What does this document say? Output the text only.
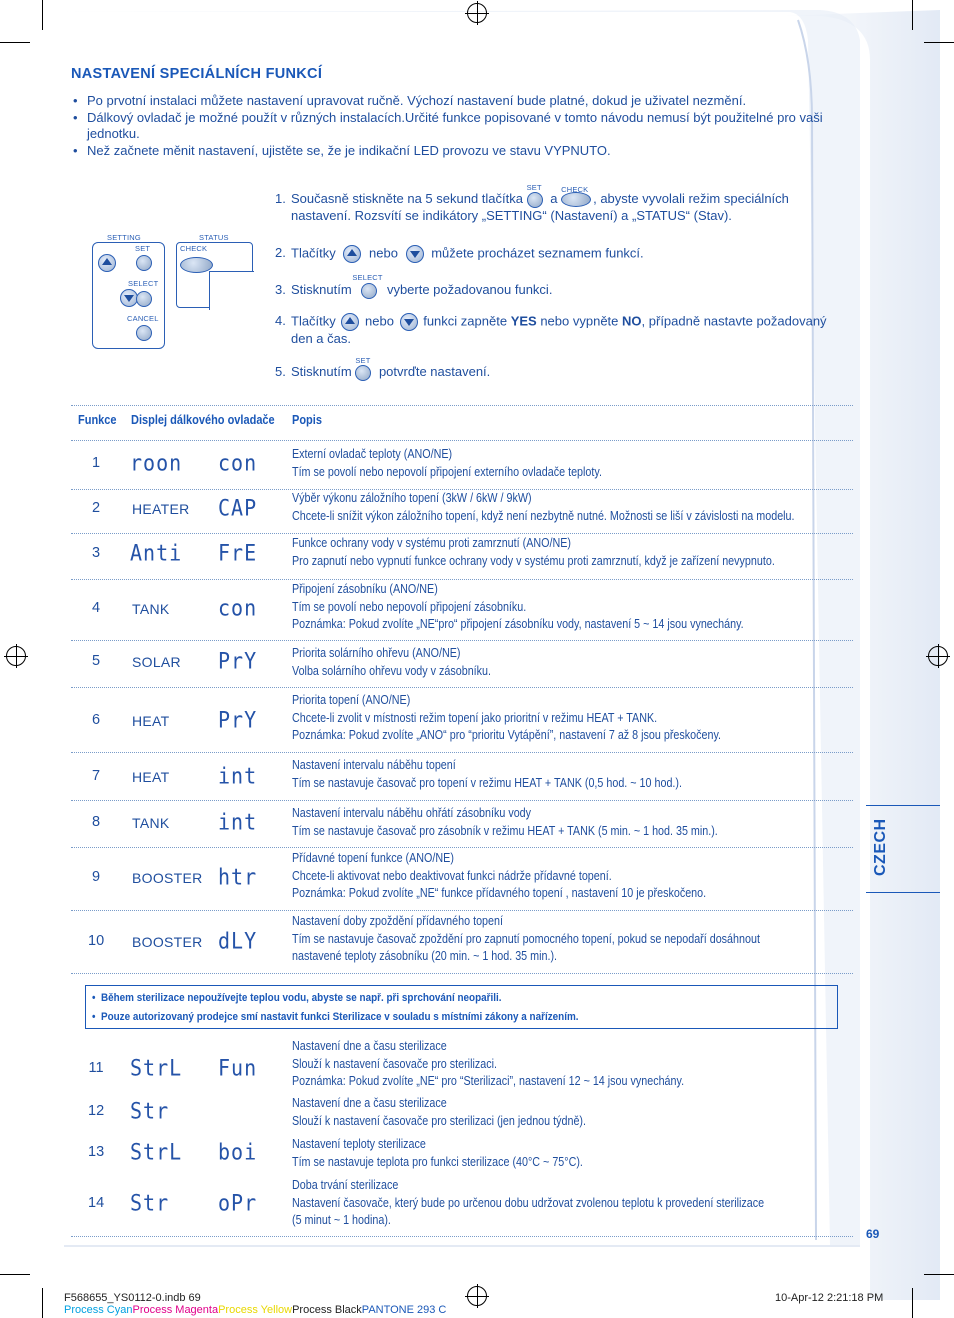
NASTAVENÍ SPECIÁLNÍCH FUNKCÍ
• Po prvotní instalaci můžete nastavení upravovat ručně. Výchozí nastavení bude platné, dokud je uživatel nezmění.
• Dálkový ovladač je možné použít v různých instalacích.Určité funkce popisované v tomto návodu nemusí být použitelné pro vaši jednotku.
• Než začnete měnit nastavení, ujistěte se, že je indikační LED provozu ve stavu VYPNUTO.
SETTING
SET

SELECT
CANCEL
STATUS
CHECK
1. Současně stiskněte na 5 sekund tlačítka
SET
a
CHECK
, abyste vyvolali režim speciálních
nastavení. Rozsvítí se indikátory „SETTING“ (Nastavení) a „STATUS“ (Stav).
2. Tlačítky	nebo	můžete procházet seznamem funkcí.
3. Stisknutím
SELECT
vyberte požadovanou funkci.
4. Tlačítky nebo funkci zapněte YES nebo vypněte NO, případně nastavte požadovaný
den a čas.
5. Stisknutím
SET
potvrďte nastavení.
Funkce Displej dálkového ovladače Popis
1 roon con	Externí ovladač teploty (ANO/NE)
Tím se povolí nebo nepovolí připojení externího ovladače teploty.
2 HEATER CAP	Výběr výkonu záložního topení (3kW / 6kW / 9kW)
Chcete-li snížit výkon záložního topení, když není nezbytně nutné. Možnosti se liší v závislosti na modelu.
3 Anti FrE	Funkce ochrany vody v systému proti zamrznutí (ANO/NE)
Pro zapnutí nebo vypnutí funkce ochrany vody v systému proti zamrznutí, když je zařízení nevypnuto.
4 TANK con
Připojení zásobníku (ANO/NE)
Tím se povolí nebo nepovolí připojení zásobníku.
Poznámka: Pokud zvolíte „NE“pro“ připojení zásobníku vody, nastavení 5 ~ 14 jsou vynechány.
5 SOLAR PrY	Priorita solárního ohřevu (ANO/NE)
Volba solárního ohřevu vody v zásobníku.
6 HEAT PrY
Priorita topení (ANO/NE)
Chcete-li zvolit v místnosti režim topení jako prioritní v režimu HEAT + TANK.
Poznámka: Pokud zvolíte „ANO“ pro “prioritu Vytápění”, nastavení 7 až 8 jsou přeskočeny.
7 HEAT int	Nastavení intervalu náběhu topení
Tím se nastavuje časovač pro topení v režimu HEAT + TANK (0,5 hod. ~ 10 hod.).
8 TANK int	Nastavení intervalu náběhu ohřátí zásobníku vody
Tím se nastavuje časovač pro zásobník v režimu HEAT + TANK (5 min. ~ 1 hod. 35 min.).
9 BOOSTER htr
Přídavné topení funkce (ANO/NE)
Chcete-li aktivovat nebo deaktivovat funkci nádrže přídavné topení.
Poznámka: Pokud zvolíte „NE“ funkce přídavného topení , nastavení 10 je přeskočeno.
10 BOOSTER dLY
Nastavení doby zpoždění přídavného topení
Tím se nastavuje časovač zpoždění pro zapnutí pomocného topení, pokud se nepodaří dosáhnout
nastavené teploty zásobníku (20 min. ~ 1 hod. 35 min.).
•  Během sterilizace nepoužívejte teplou vodu, abyste se např. při sprchování neopařili.
•  Pouze autorizovaný prodejce smí nastavit funkci Sterilizace v souladu s místními zákony a nařízením.
11 StrL Fun
Nastavení dne a času sterilizace
Slouží k nastavení časovače pro sterilizaci.
Poznámka: Pokud zvolíte „NE“ pro “Sterilizaci”, nastavení 12 ~ 14 jsou vynechány.
12 Str	Nastavení dne a času sterilizace
Slouží k nastavení časovače pro sterilizaci (jen jednou týdně).
13 StrL boi	Nastavení teploty sterilizace
Tím se nastavuje teplota pro funkci sterilizace (40°C ~ 75°C).
14 Str oPr
Doba trvání sterilizace
Nastavení časovače, který bude po určenou dobu udržovat zvolenou teplotu k provedení sterilizace
(5 minut ~ 1 hodina).
CZECH
69
F568655_YS0112-0.indb 69	10-Apr-12 2:21:18 PM
Process CyanProcess MagentaProcess YellowProcess BlackPANTONE 293 C
